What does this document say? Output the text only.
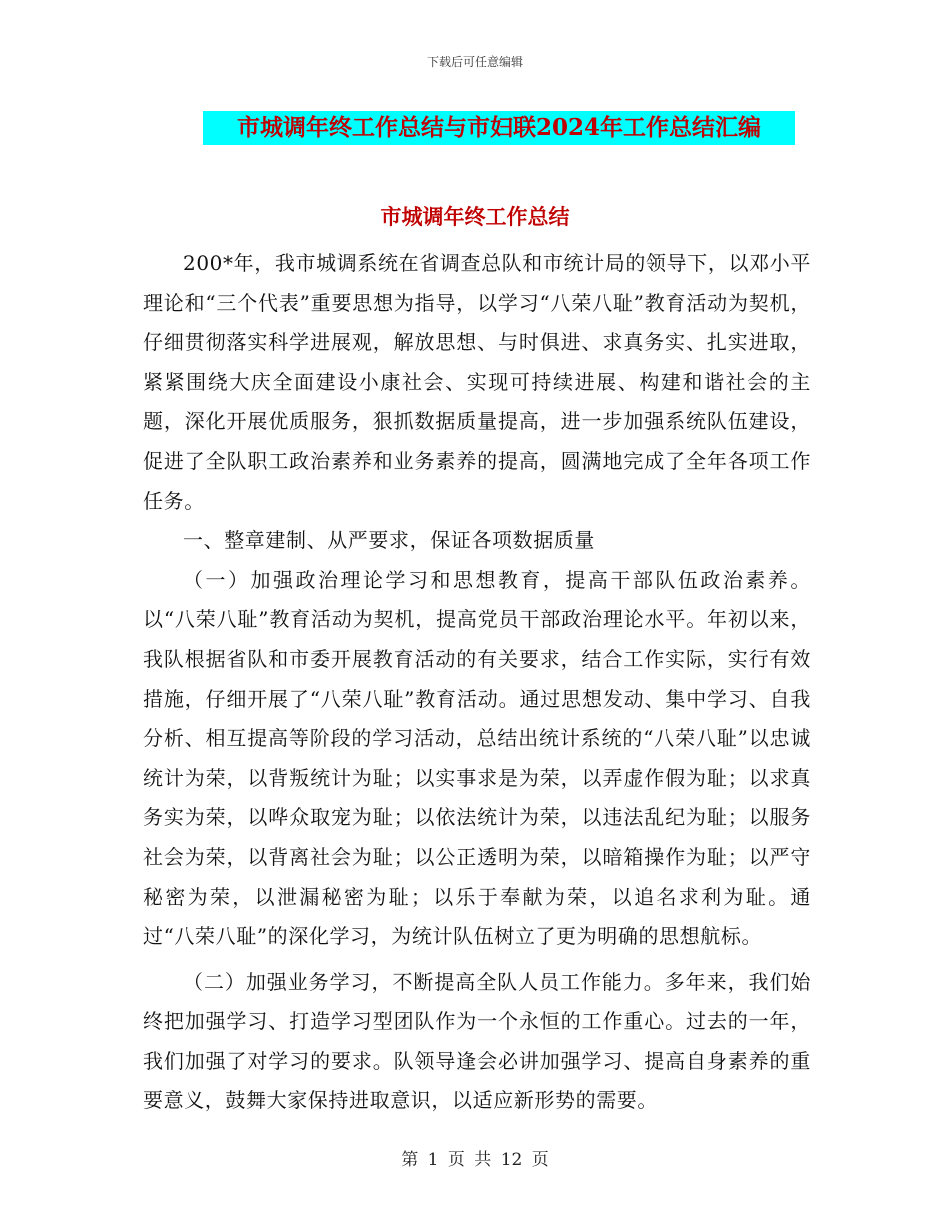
下载后可任意编辑
市城调年终工作总结与市妇联2024年工作总结汇编
市城调年终工作总结

200*年，我市城调系统在省调查总队和市统计局的领导下，以邓小平理论和“三个代表”重要思想为指导，以学习“八荣八耻”教育活动为契机，仔细贯彻落实科学进展观，解放思想、与时俱进、求真务实、扎实进取，紧紧围绕大庆全面建设小康社会、实现可持续进展、构建和谐社会的主题，深化开展优质服务，狠抓数据质量提高，进一步加强系统队伍建设，促进了全队职工政治素养和业务素养的提高，圆满地完成了全年各项工作任务。

一、整章建制、从严要求，保证各项数据质量

（一）加强政治理论学习和思想教育，提高干部队伍政治素养。以“八荣八耻”教育活动为契机，提高党员干部政治理论水平。年初以来，我队根据省队和市委开展教育活动的有关要求，结合工作实际，实行有效措施，仔细开展了“八荣八耻”教育活动。通过思想发动、集中学习、自我分析、相互提高等阶段的学习活动，总结出统计系统的“八荣八耻”以忠诚统计为荣，以背叛统计为耻；以实事求是为荣，以弄虚作假为耻；以求真务实为荣，以哗众取宠为耻；以依法统计为荣，以违法乱纪为耻；以服务社会为荣，以背离社会为耻；以公正透明为荣，以暗箱操作为耻；以严守秘密为荣，以泄漏秘密为耻；以乐于奉献为荣，以追名求利为耻。通过“八荣八耻”的深化学习，为统计队伍树立了更为明确的思想航标。

（二）加强业务学习，不断提高全队人员工作能力。多年来，我们始终把加强学习、打造学习型团队作为一个永恒的工作重心。过去的一年，我们加强了对学习的要求。队领导逢会必讲加强学习、提高自身素养的重要意义，鼓舞大家保持进取意识，以适应新形势的需要。

第 1 页 共 12 页
